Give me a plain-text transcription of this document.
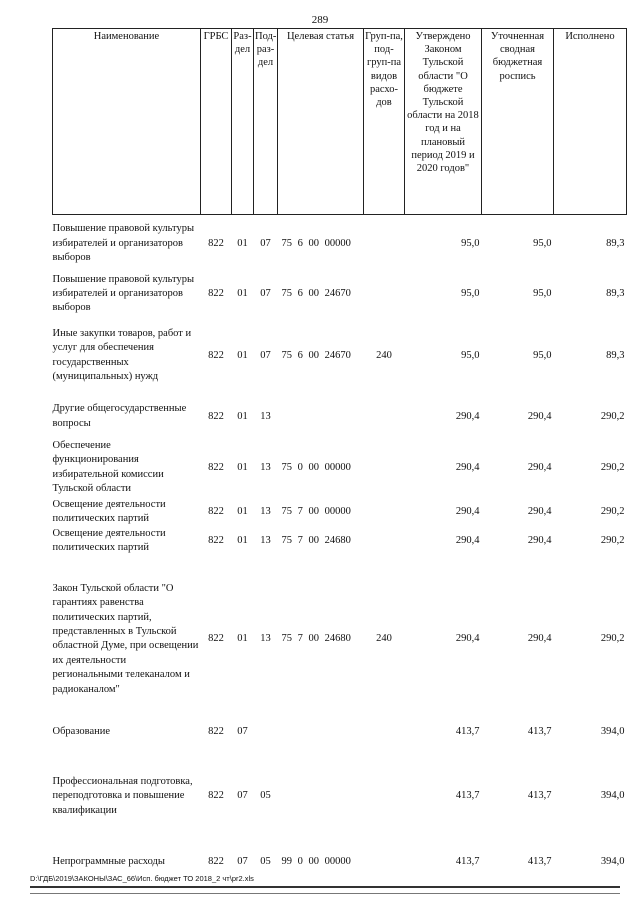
289
Наименование	ГРБС	Раз-дел	Под-раз-дел	Целевая статья	Груп-па, под-груп-па видов расхо-дов	Утверждено Законом Тульской области "О бюджете Тульской области на 2018 год и на плановый период 2019 и 2020 годов"	Уточненная сводная бюджетная роспись	Исполнено
Повышение правовой культуры избирателей и организаторов выборов	822	01	07	75 6 00 00000		95,0	95,0	89,3
Повышение правовой культуры избирателей и организаторов выборов	822	01	07	75 6 00 24670		95,0	95,0	89,3
Иные закупки товаров, работ и услуг для обеспечения государственных (муниципальных) нужд	822	01	07	75 6 00 24670	240	95,0	95,0	89,3
Другие общегосударственные вопросы	822	01	13			290,4	290,4	290,2
Обеспечение функционирования избирательной комиссии Тульской области	822	01	13	75 0 00 00000		290,4	290,4	290,2
Освещение деятельности политических партий	822	01	13	75 7 00 00000		290,4	290,4	290,2
Освещение деятельности политических партий	822	01	13	75 7 00 24680		290,4	290,4	290,2

Закон Тульской области "О гарантиях равенства политических партий, представленных в Тульской областной Думе, при освещении их деятельности региональными телеканалом и радиоканалом"	822	01	13	75 7 00 24680	240	290,4	290,4	290,2

Образование	822	07				413,7	413,7	394,0

Профессиональная подготовка, переподготовка и повышение квалификации	822	07	05			413,7	413,7	394,0

Непрограммные расходы	822	07	05	99 0 00 00000		413,7	413,7	394,0
D:\ГДБ\2019\ЗАКОНЫ\ЗАС_66\Исп. бюджет ТО 2018_2 чт\pr2.xls
